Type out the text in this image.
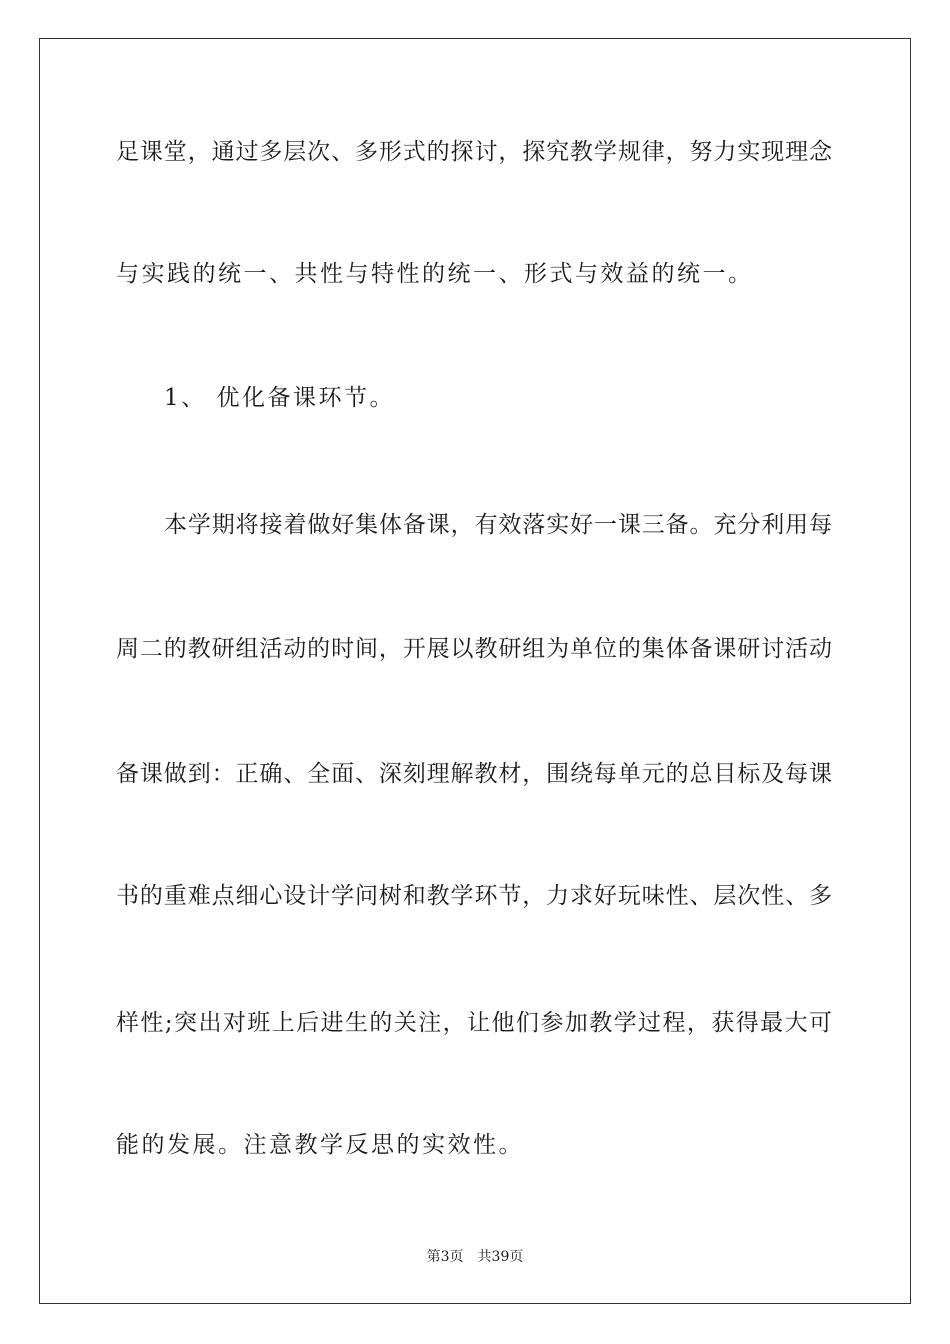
足课堂，通过多层次、多形式的探讨，探究教学规律，努力实现理念
与实践的统一、共性与特性的统一、形式与效益的统一。
1、 优化备课环节。
本学期将接着做好集体备课，有效落实好一课三备。充分利用每
周二的教研组活动的时间，开展以教研组为单位的集体备课研讨活动
备课做到：正确、全面、深刻理解教材，围绕每单元的总目标及每课
书的重难点细心设计学问树和教学环节，力求好玩味性、层次性、多
样性;突出对班上后进生的关注，让他们参加教学过程，获得最大可
能的发展。注意教学反思的实效性。
第3页 共39页
